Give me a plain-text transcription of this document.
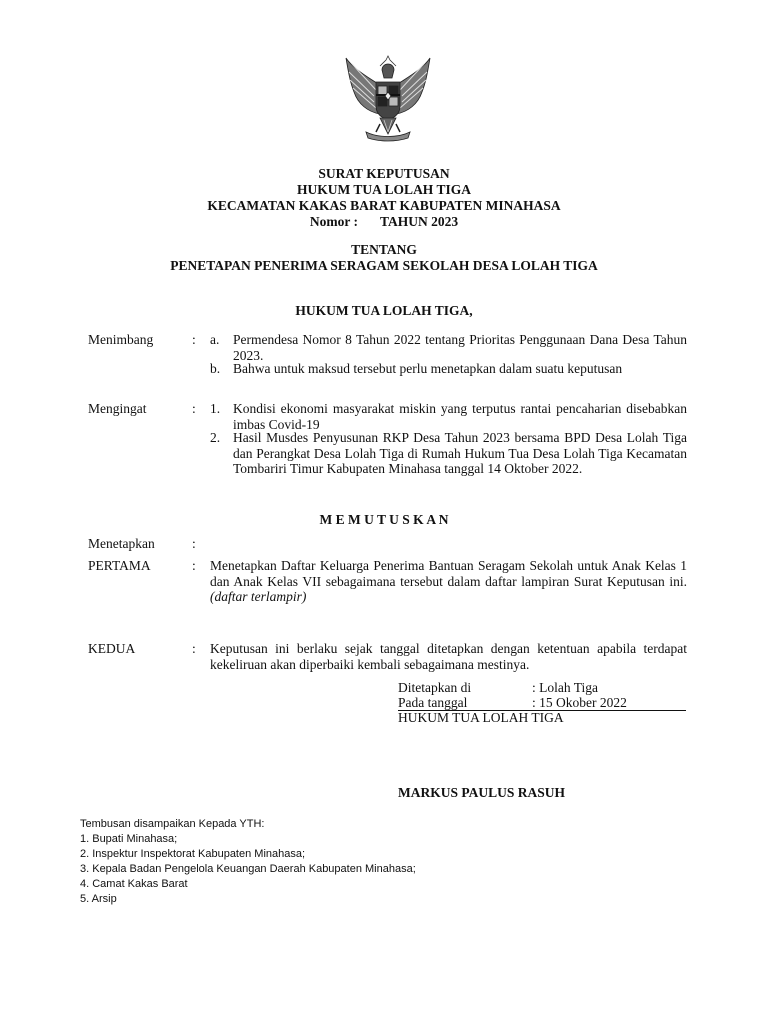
SURAT KEPUTUSAN
HUKUM TUA LOLAH TIGA
KECAMATAN KAKAS BARAT KABUPATEN MINAHASA
Nomor : TAHUN 2023
TENTANG
PENETAPAN PENERIMA SERAGAM SEKOLAH DESA LOLAH TIGA
HUKUM TUA LOLAH TIGA,
Menimbang	: a. Permendesa Nomor 8 Tahun 2022 tentang Prioritas Penggunaan Dana Desa Tahun 2023.
b. Bahwa untuk maksud tersebut perlu menetapkan dalam suatu keputusan
Mengingat	: 1. Kondisi ekonomi masyarakat miskin yang terputus rantai pencaharian disebabkan imbas Covid-19
2. Hasil Musdes Penyusunan RKP Desa Tahun 2023 bersama BPD Desa Lolah Tiga dan Perangkat Desa Lolah Tiga di Rumah Hukum Tua Desa Lolah Tiga Kecamatan Tombariri Timur Kabupaten Minahasa tanggal 14 Oktober 2022.
M E M U T U S K A N
Menetapkan	:
PERTAMA	: Menetapkan Daftar Keluarga Penerima Bantuan Seragam Sekolah untuk Anak Kelas 1 dan Anak Kelas VII sebagaimana tersebut dalam daftar lampiran Surat Keputusan ini. (daftar terlampir)
KEDUA	: Keputusan ini berlaku sejak tanggal ditetapkan dengan ketentuan apabila terdapat kekeliruan akan diperbaiki kembali sebagaimana mestinya.
Ditetapkan di	: Lolah Tiga
Pada tanggal	: 15 Okober 2022
HUKUM TUA LOLAH TIGA
MARKUS PAULUS RASUH
Tembusan disampaikan Kepada YTH:
1. Bupati Minahasa;
2. Inspektur Inspektorat Kabupaten Minahasa;
3. Kepala Badan Pengelola Keuangan Daerah Kabupaten Minahasa;
4. Camat Kakas Barat
5. Arsip
